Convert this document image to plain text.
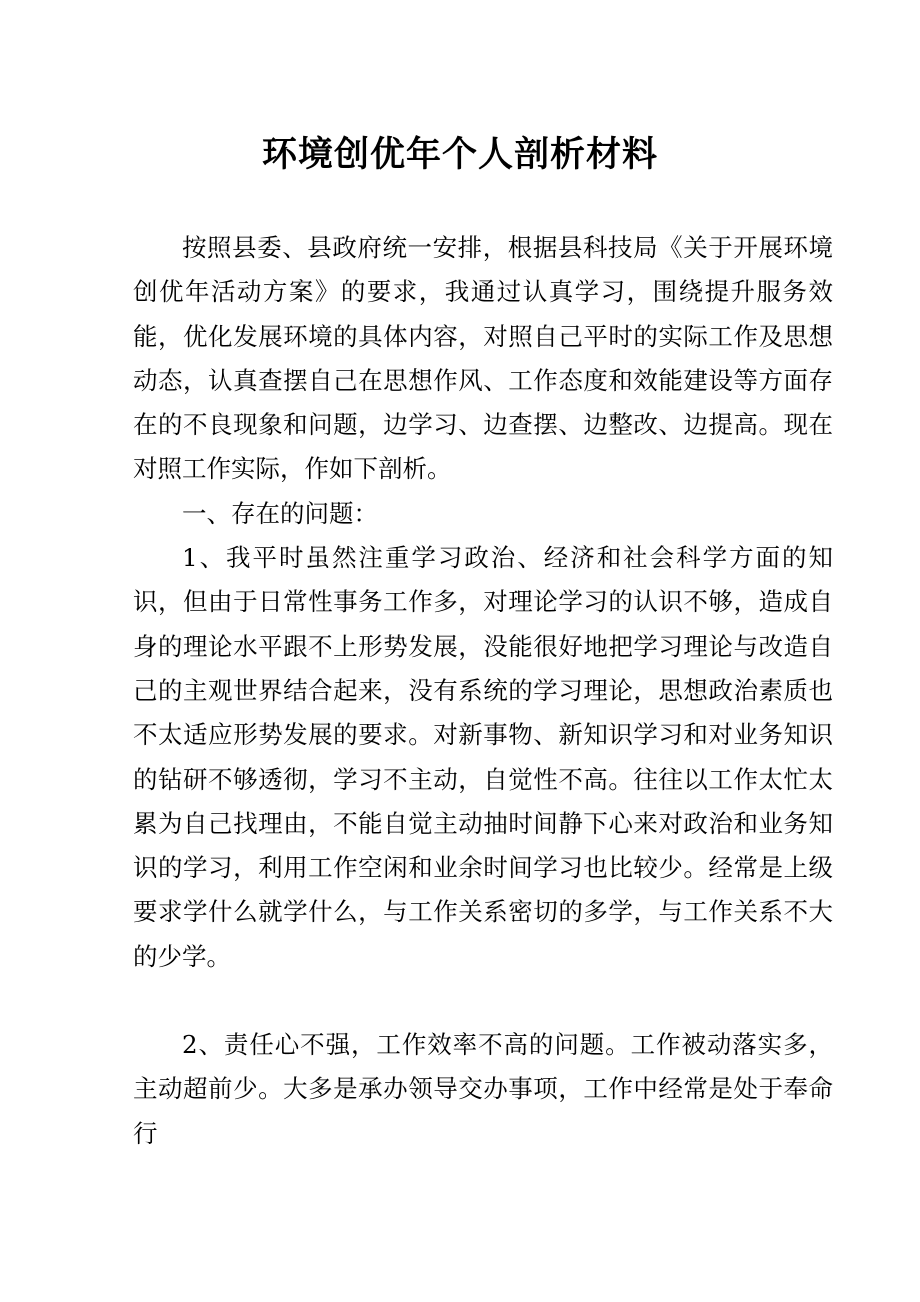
环境创优年个人剖析材料

按照县委、县政府统一安排，根据县科技局《关于开展环境创优年活动方案》的要求，我通过认真学习，围绕提升服务效能，优化发展环境的具体内容，对照自己平时的实际工作及思想动态，认真查摆自己在思想作风、工作态度和效能建设等方面存在的不良现象和问题，边学习、边查摆、边整改、边提高。现在对照工作实际，作如下剖析。

一、存在的问题：

1、我平时虽然注重学习政治、经济和社会科学方面的知识，但由于日常性事务工作多，对理论学习的认识不够，造成自身的理论水平跟不上形势发展，没能很好地把学习理论与改造自己的主观世界结合起来，没有系统的学习理论，思想政治素质也不太适应形势发展的要求。对新事物、新知识学习和对业务知识的钻研不够透彻，学习不主动，自觉性不高。往往以工作太忙太累为自己找理由，不能自觉主动抽时间静下心来对政治和业务知识的学习，利用工作空闲和业余时间学习也比较少。经常是上级要求学什么就学什么，与工作关系密切的多学，与工作关系不大的少学。

2、责任心不强，工作效率不高的问题。工作被动落实多，主动超前少。大多是承办领导交办事项，工作中经常是处于奉命行
